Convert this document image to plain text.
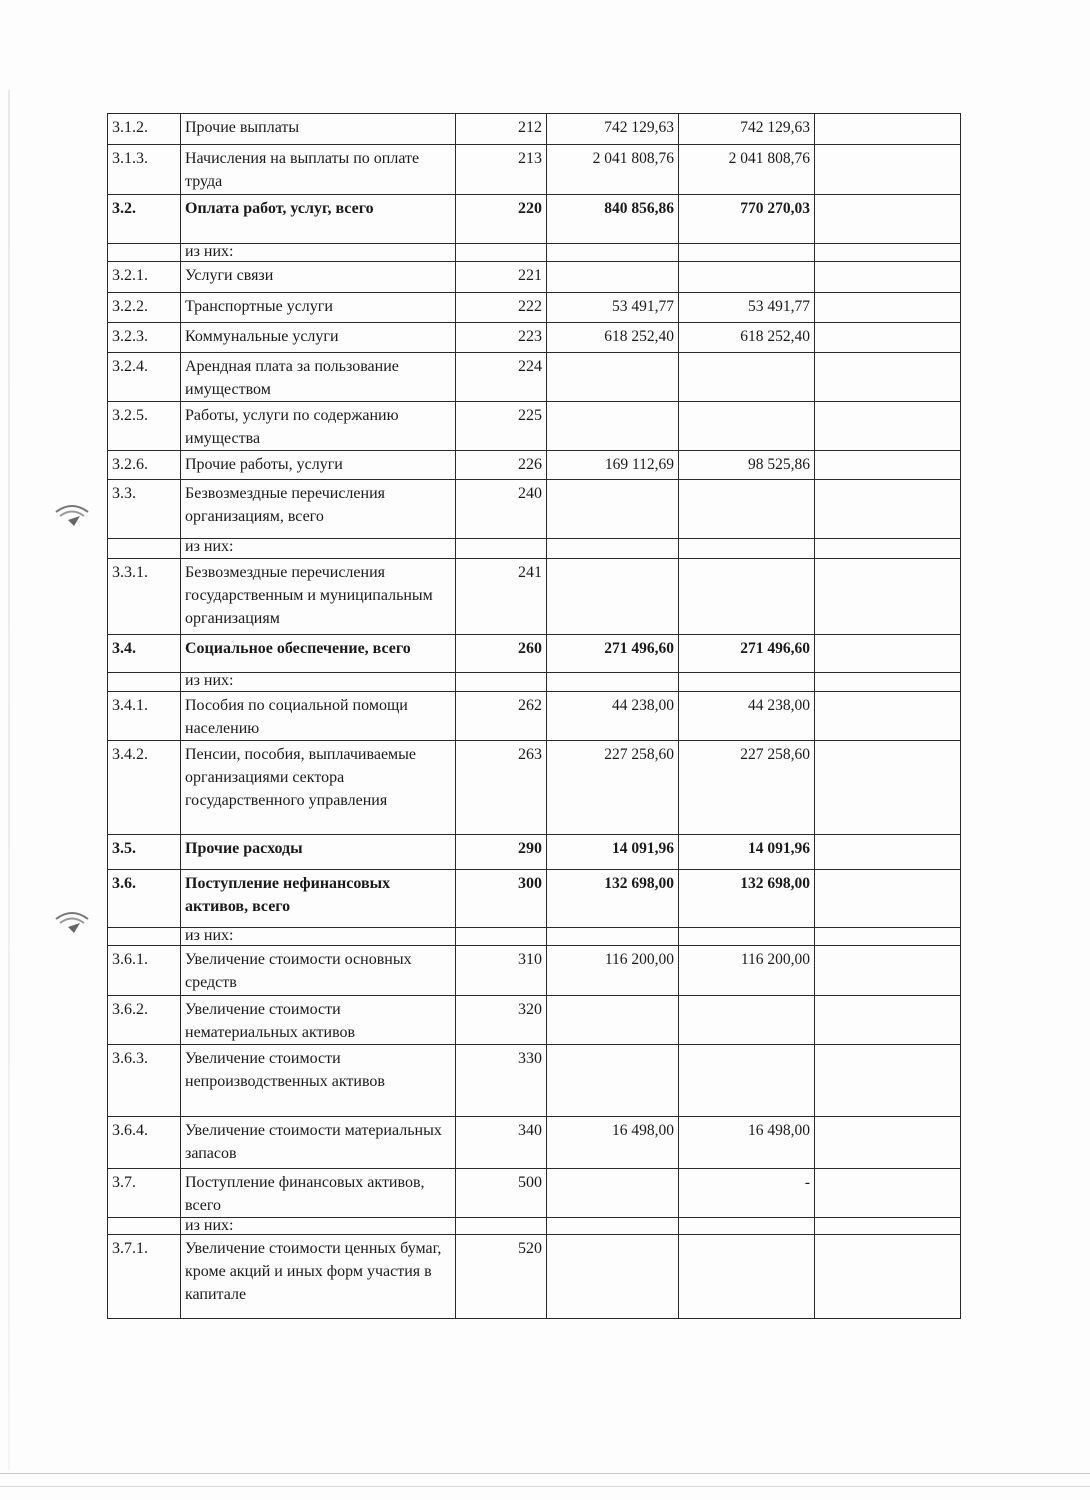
3.1.2.	Прочие выплаты	212	742 129,63	742 129,63	
3.1.3.	Начисления на выплаты по оплате труда	213	2 041 808,76	2 041 808,76	
3.2.	Оплата работ, услуг, всего	220	840 856,86	770 270,03	
	из них:				
3.2.1.	Услуги связи	221			
3.2.2.	Транспортные услуги	222	53 491,77	53 491,77	
3.2.3.	Коммунальные услуги	223	618 252,40	618 252,40	
3.2.4.	Арендная плата за пользование имуществом	224			
3.2.5.	Работы, услуги по содержанию имущества	225			
3.2.6.	Прочие работы, услуги	226	169 112,69	98 525,86	
3.3.	Безвозмездные перечисления организациям, всего	240			
	из них:				
3.3.1.	Безвозмездные перечисления государственным и муниципальным организациям	241			
3.4.	Социальное обеспечение, всего	260	271 496,60	271 496,60	
	из них:				
3.4.1.	Пособия по социальной помощи населению	262	44 238,00	44 238,00	
3.4.2.	Пенсии, пособия, выплачиваемые организациями сектора государственного управления	263	227 258,60	227 258,60	
3.5.	Прочие расходы	290	14 091,96	14 091,96	
3.6.	Поступление нефинансовых активов, всего	300	132 698,00	132 698,00	
	из них:				
3.6.1.	Увеличение стоимости основных средств	310	116 200,00	116 200,00	
3.6.2.	Увеличение стоимости нематериальных активов	320			
3.6.3.	Увеличение стоимости непроизводственных активов	330			
3.6.4.	Увеличение стоимости материальных запасов	340	16 498,00	16 498,00	
3.7.	Поступление финансовых активов, всего	500		-	
	из них:				
3.7.1.	Увеличение стоимости ценных бумаг, кроме акций и иных форм участия в капитале	520			
